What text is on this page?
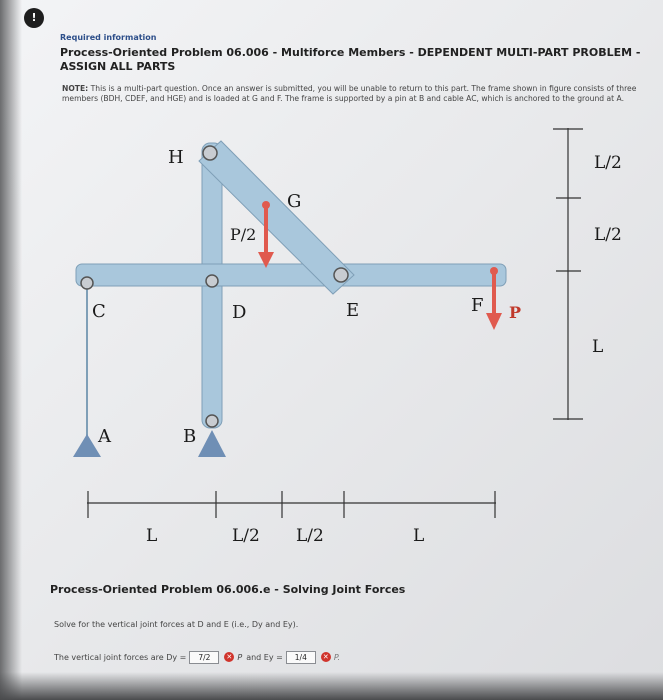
!
Required information
Process-Oriented Problem 06.006 - Multiforce Members - DEPENDENT MULTI-PART PROBLEM - ASSIGN ALL PARTS
NOTE: This is a multi-part question. Once an answer is submitted, you will be unable to return to this part. The frame shown in figure consists of three members (BDH, CDEF, and HGE) and is loaded at G and F. The frame is supported by a pin at B and cable AC, which is anchored to the ground at A.
H
G
P/2
C	D	E	F P
A	B
L/2
L/2
L
L	L/2 L/2	L
Process-Oriented Problem 06.006.e - Solving Joint Forces
Solve for the vertical joint forces at D and E (i.e., Dy and Ey).
The vertical joint forces are Dy =	7/2	✕ P and Ey =	1/4	✕ P.
